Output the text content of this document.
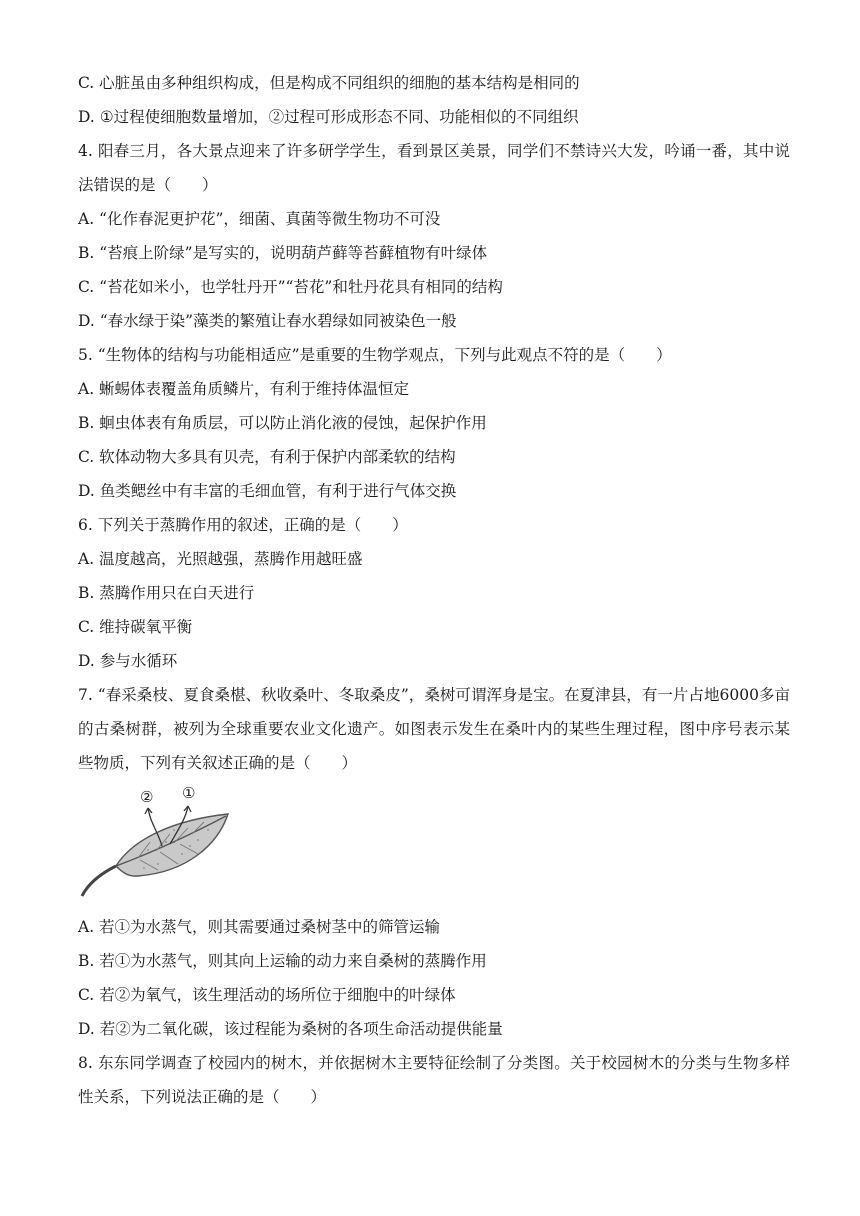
C. 心脏虽由多种组织构成，但是构成不同组织的细胞的基本结构是相同的
D. ①过程使细胞数量增加，②过程可形成形态不同、功能相似的不同组织
4. 阳春三月，各大景点迎来了许多研学学生，看到景区美景，同学们不禁诗兴大发，吟诵一番，其中说法错误的是（　　）
A. “化作春泥更护花”，细菌、真菌等微生物功不可没
B. “苔痕上阶绿”是写实的，说明葫芦藓等苔藓植物有叶绿体
C. “苔花如米小，也学牡丹开”“苔花”和牡丹花具有相同的结构
D. “春水绿于染”藻类的繁殖让春水碧绿如同被染色一般
5. “生物体的结构与功能相适应”是重要的生物学观点，下列与此观点不符的是（　　）
A. 蜥蜴体表覆盖角质鳞片，有利于维持体温恒定
B. 蛔虫体表有角质层，可以防止消化液的侵蚀，起保护作用
C. 软体动物大多具有贝壳，有利于保护内部柔软的结构
D. 鱼类鳃丝中有丰富的毛细血管，有利于进行气体交换
6. 下列关于蒸腾作用的叙述，正确的是（　　）
A. 温度越高，光照越强，蒸腾作用越旺盛
B. 蒸腾作用只在白天进行
C. 维持碳氧平衡
D. 参与水循环
7. “春采桑枝、夏食桑椹、秋收桑叶、冬取桑皮”，桑树可谓浑身是宝。在夏津县，有一片占地6000多亩的古桑树群，被列为全球重要农业文化遗产。如图表示发生在桑叶内的某些生理过程，图中序号表示某些物质，下列有关叙述正确的是（　　）
② ①
A. 若①为水蒸气，则其需要通过桑树茎中的筛管运输
B. 若①为水蒸气，则其向上运输的动力来自桑树的蒸腾作用
C. 若②为氧气，该生理活动的场所位于细胞中的叶绿体
D. 若②为二氧化碳，该过程能为桑树的各项生命活动提供能量
8. 东东同学调查了校园内的树木，并依据树木主要特征绘制了分类图。关于校园树木的分类与生物多样性关系，下列说法正确的是（　　）
